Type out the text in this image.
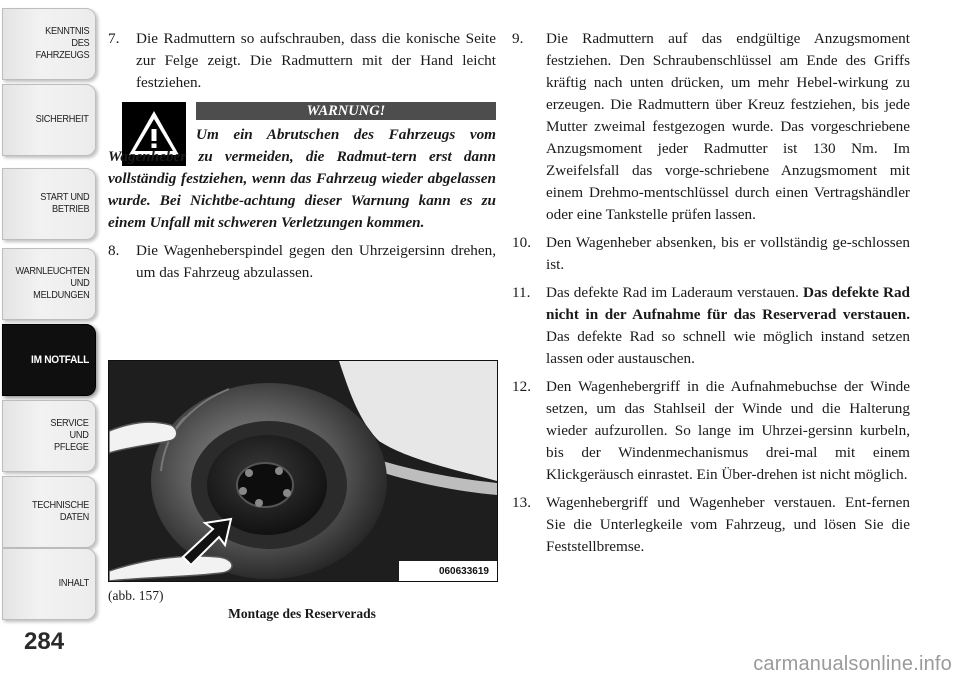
KENNTNIS
DES
FAHRZEUGS
SICHERHEIT
START UND
BETRIEB
WARNLEUCHTEN
UND
MELDUNGEN
IM NOTFALL
SERVICE
UND
PFLEGE
TECHNISCHE
DATEN
INHALT
284

7. Die Radmuttern so aufschrauben, dass die konische Seite zur Felge zeigt. Die Radmuttern mit der Hand leicht festziehen.

WARNUNG!
Um ein Abrutschen des Fahrzeugs vom Wagenheber zu vermeiden, die Radmut-tern erst dann vollständig festziehen, wenn das Fahrzeug wieder abgelassen wurde. Bei Nichtbe-achtung dieser Warnung kann es zu einem Unfall mit schweren Verletzungen kommen.

8. Die Wagenheberspindel gegen den Uhrzeigersinn drehen, um das Fahrzeug abzulassen.

060633619
(abb. 157)
Montage des Reserverads

9. Die Radmuttern auf das endgültige Anzugsmoment festziehen. Den Schraubenschlüssel am Ende des Griffs kräftig nach unten drücken, um mehr Hebel-wirkung zu erzeugen. Die Radmuttern über Kreuz festziehen, bis jede Mutter zweimal festgezogen wurde. Das vorgeschriebene Anzugsmoment jeder Radmutter ist 130 Nm. Im Zweifelsfall das vorge-schriebene Anzugsmoment mit einem Drehmo-mentschlüssel durch einen Vertragshändler oder eine Tankstelle prüfen lassen.

10. Den Wagenheber absenken, bis er vollständig ge-schlossen ist.

11. Das defekte Rad im Laderaum verstauen. Das defekte Rad nicht in der Aufnahme für das Reserverad verstauen. Das defekte Rad so schnell wie möglich instand setzen lassen oder austauschen.

12. Den Wagenhebergriff in die Aufnahmebuchse der Winde setzen, um das Stahlseil der Winde und die Halterung wieder aufzurollen. So lange im Uhrzei-gersinn kurbeln, bis der Windenmechanismus drei-mal mit einem Klickgeräusch einrastet. Ein Über-drehen ist nicht möglich.

13. Wagenhebergriff und Wagenheber verstauen. Ent-fernen Sie die Unterlegkeile vom Fahrzeug, und lösen Sie die Feststellbremse.

carmanualsonline.info
